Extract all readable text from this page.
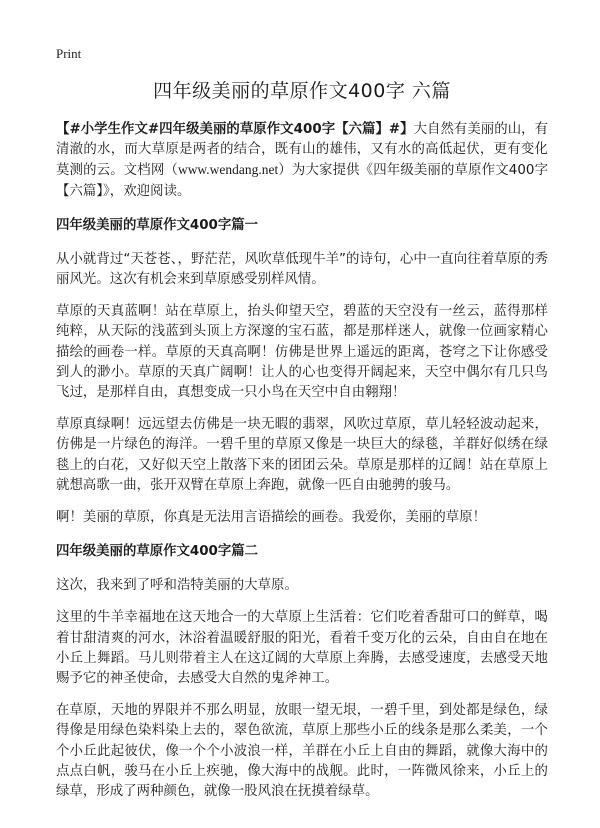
Print
四年级美丽的草原作文400字 六篇

【#小学生作文#四年级美丽的草原作文400字【六篇】#】大自然有美丽的山，有清澈的水，而大草原是两者的结合，既有山的雄伟，又有水的高低起伏，更有变化莫测的云。文档网（www.wendang.net）为大家提供《四年级美丽的草原作文400字【六篇】》，欢迎阅读。

四年级美丽的草原作文400字篇一

从小就背过“天苍苍、，野茫茫，风吹草低现牛羊”的诗句，心中一直向往着草原的秀丽风光。这次有机会来到草原感受别样风情。

草原的天真蓝啊！站在草原上，抬头仰望天空，碧蓝的天空没有一丝云，蓝得那样纯粹，从天际的浅蓝到头顶上方深邃的宝石蓝，都是那样迷人，就像一位画家精心描绘的画卷一样。草原的天真高啊！仿佛是世界上遥远的距离，苍穹之下让你感受到人的渺小。草原的天真广阔啊！让人的心也变得开阔起来，天空中偶尔有几只鸟飞过，是那样自由，真想变成一只小鸟在天空中自由翱翔！

草原真绿啊！远远望去仿佛是一块无暇的翡翠，风吹过草原，草儿轻轻波动起来，仿佛是一片绿色的海洋。一碧千里的草原又像是一块巨大的绿毯，羊群好似绣在绿毯上的白花，又好似天空上散落下来的团团云朵。草原是那样的辽阔！站在草原上就想高歌一曲，张开双臂在草原上奔跑，就像一匹自由驰骋的骏马。

啊！美丽的草原，你真是无法用言语描绘的画卷。我爱你，美丽的草原！

四年级美丽的草原作文400字篇二

这次，我来到了呼和浩特美丽的大草原。

这里的牛羊幸福地在这天地合一的大草原上生活着：它们吃着香甜可口的鲜草，喝着甘甜清爽的河水，沐浴着温暖舒服的阳光，看着千变万化的云朵，自由自在地在小丘上舞蹈。马儿则带着主人在这辽阔的大草原上奔腾，去感受速度，去感受天地赐予它的神圣使命，去感受大自然的鬼斧神工。

在草原，天地的界限并不那么明显，放眼一望无垠，一碧千里，到处都是绿色，绿得像是用绿色染料染上去的，翠色欲流，草原上那些小丘的线条是那么柔美，一个个小丘此起彼伏，像一个个小波浪一样，羊群在小丘上自由的舞蹈，就像大海中的点点白帆，骏马在小丘上疾驰，像大海中的战舰。此时，一阵微风徐来，小丘上的绿草，形成了两种颜色，就像一股风浪在抚摸着绿草。
